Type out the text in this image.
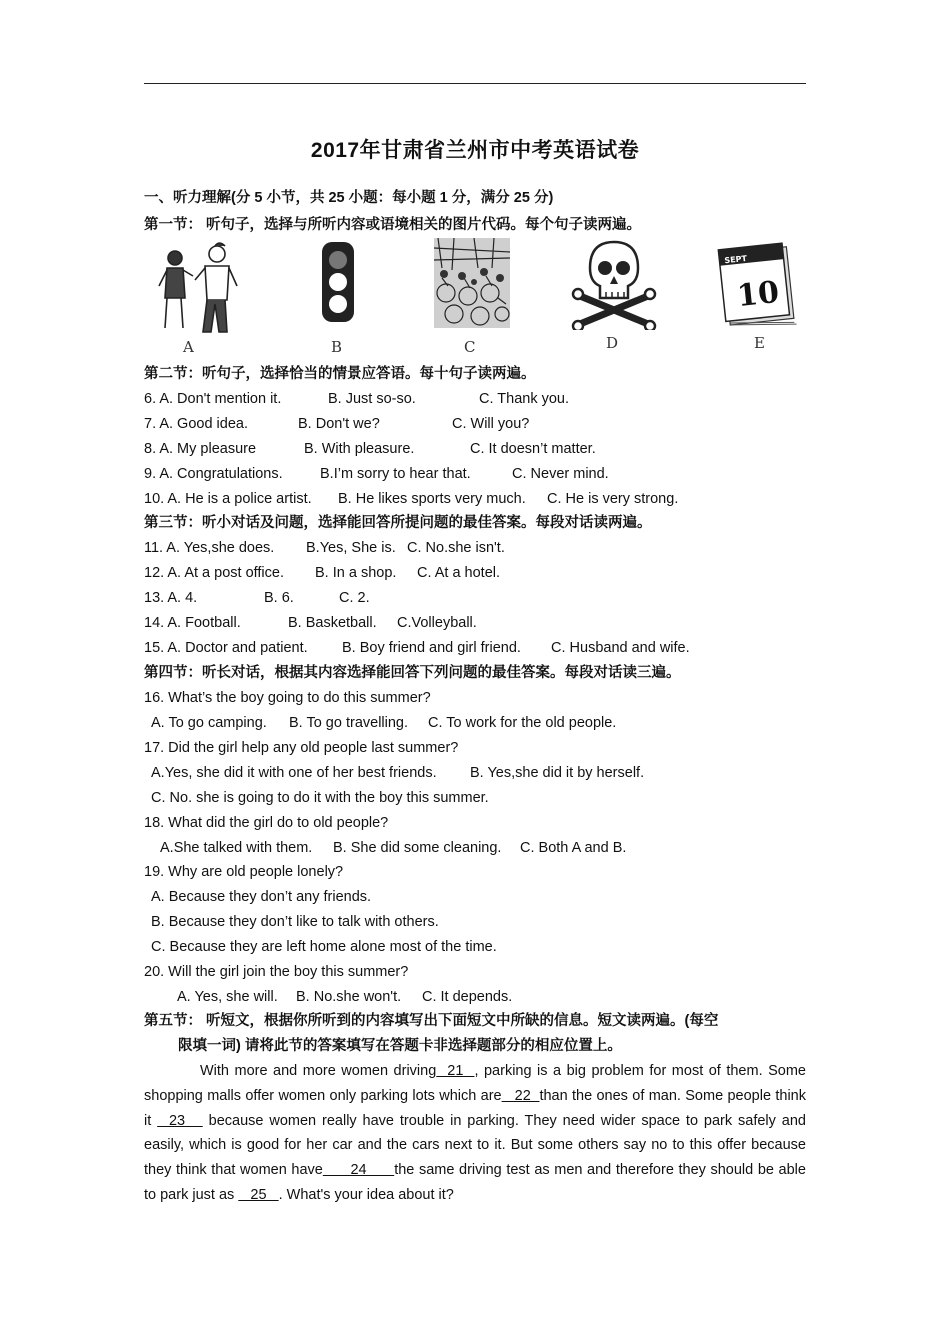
2017年甘肃省兰州市中考英语试卷
一、听力理解(分 5 小节，共 25 小题：每小题 1 分，满分 25 分)
第一节： 听句子，选择与所听内容或语境相关的图片代码。每个句子读两遍。
A	B	C	D
SEPT
10
E
第二节：听句子，选择恰当的情景应答语。每十句子读两遍。
6. A. Don't mention it.	B. Just so-so.	C. Thank you.
7. A. Good idea.	B. Don't we?	C. Will you?
8. A. My pleasure	B. With pleasure.	C. It doesn’t matter.
9. A. Congratulations.	B.I’m sorry to hear that.	C. Never mind.
10. A. He is a police artist. B. He likes sports very much. C. He is very strong.
第三节：听小对话及问题，选择能回答所提问题的最佳答案。每段对话读两遍。
11. A. Yes,she does. B.Yes, She is. C. No.she isn't.
12. A. At a post office. B. In a shop. C. At a hotel.
13. A. 4.	B. 6.	C. 2.
14. A. Football.	B. Basketball. C.Volleyball.
15. A. Doctor and patient. B. Boy friend and girl friend. C. Husband and wife.
第四节：听长对话，根据其内容选择能回答下列问题的最佳答案。每段对话读三遍。
16. What’s the boy going to do this summer?
A. To go camping. B. To go travelling. C. To work for the old people.
17. Did the girl help any old people last summer?
A.Yes, she did it with one of her best friends. B. Yes,she did it by herself.
C. No. she is going to do it with the boy this summer.
18. What did the girl do to old people?
A.She talked with them. B. She did some cleaning. C. Both A and B.
19. Why are old people lonely?
A. Because they don’t any friends.
B. Because they don’t like to talk with others.
C. Because they are left home alone most of the time.
20. Will the girl join the boy this summer?
A. Yes, she will. B. No.she won't. C. It depends.
第五节： 听短文，根据你所听到的内容填写出下面短文中所缺的信息。短文读两遍。(每空
限填一词) 请将此节的答案填写在答题卡非选择题部分的相应位置上。

With more and more women driving  21  , parking is a big problem for most of them. Some shopping malls offer women only parking lots which are   22  than the ones of man. Some people think it   23    because women really have trouble in parking. They need wider space to park safely and easily, which is good for her car and the cars next to it. But some others say no to this offer because they think that women have      24      the same driving test as men and therefore they should be able to park just as    25   . What's your idea about it?
